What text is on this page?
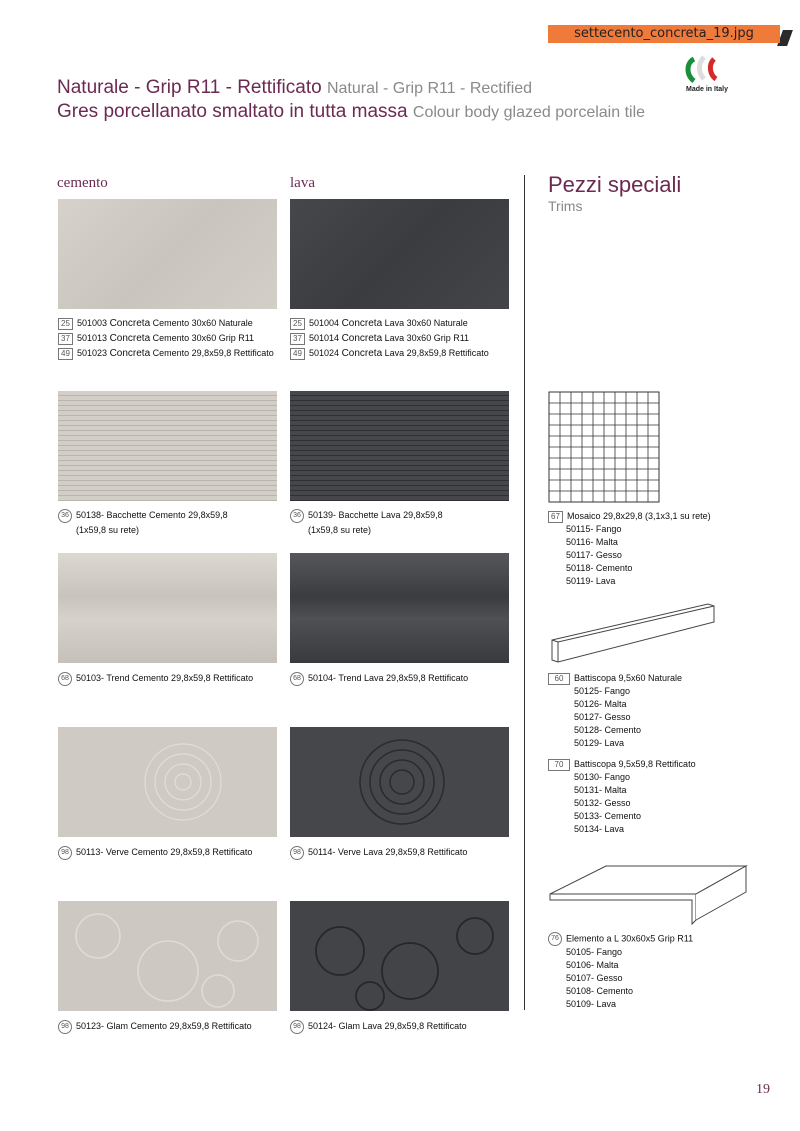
settecento_concreta_19.jpg
Naturale - Grip R11 - Rettificato Natural - Grip R11 - Rectified
Gres porcellanato smaltato in tutta massa Colour body glazed porcelain tile
Made in Italy
cemento	lava	Pezzi speciali
Trims
25 501003 Concreta Cemento 30x60 Naturale
37 501013 Concreta Cemento 30x60 Grip R11
49 501023 Concreta Cemento 29,8x59,8 Rettificato
25 501004 Concreta Lava 30x60 Naturale
37 501014 Concreta Lava 30x60 Grip R11
49 501024 Concreta Lava 29,8x59,8 Rettificato
36 50138- Bacchette Cemento 29,8x59,8
(1x59,8 su rete)
36 50139- Bacchette Lava 29,8x59,8
(1x59,8 su rete)
68 50103- Trend Cemento 29,8x59,8 Rettificato	68 50104- Trend Lava 29,8x59,8 Rettificato
98 50113- Verve Cemento 29,8x59,8 Rettificato	98 50114- Verve Lava 29,8x59,8 Rettificato
98 50123- Glam Cemento 29,8x59,8 Rettificato	98 50124- Glam Lava 29,8x59,8 Rettificato
67 Mosaico 29,8x29,8 (3,1x3,1 su rete)
50115- Fango
50116- Malta
50117- Gesso
50118- Cemento
50119- Lava
60 Battiscopa 9,5x60 Naturale
50125- Fango
50126- Malta
50127- Gesso
50128- Cemento
50129- Lava
70 Battiscopa 9,5x59,8 Rettificato
50130- Fango
50131- Malta
50132- Gesso
50133- Cemento
50134- Lava
76 Elemento a L 30x60x5 Grip R11
50105- Fango
50106- Malta
50107- Gesso
50108- Cemento
50109- Lava
19
